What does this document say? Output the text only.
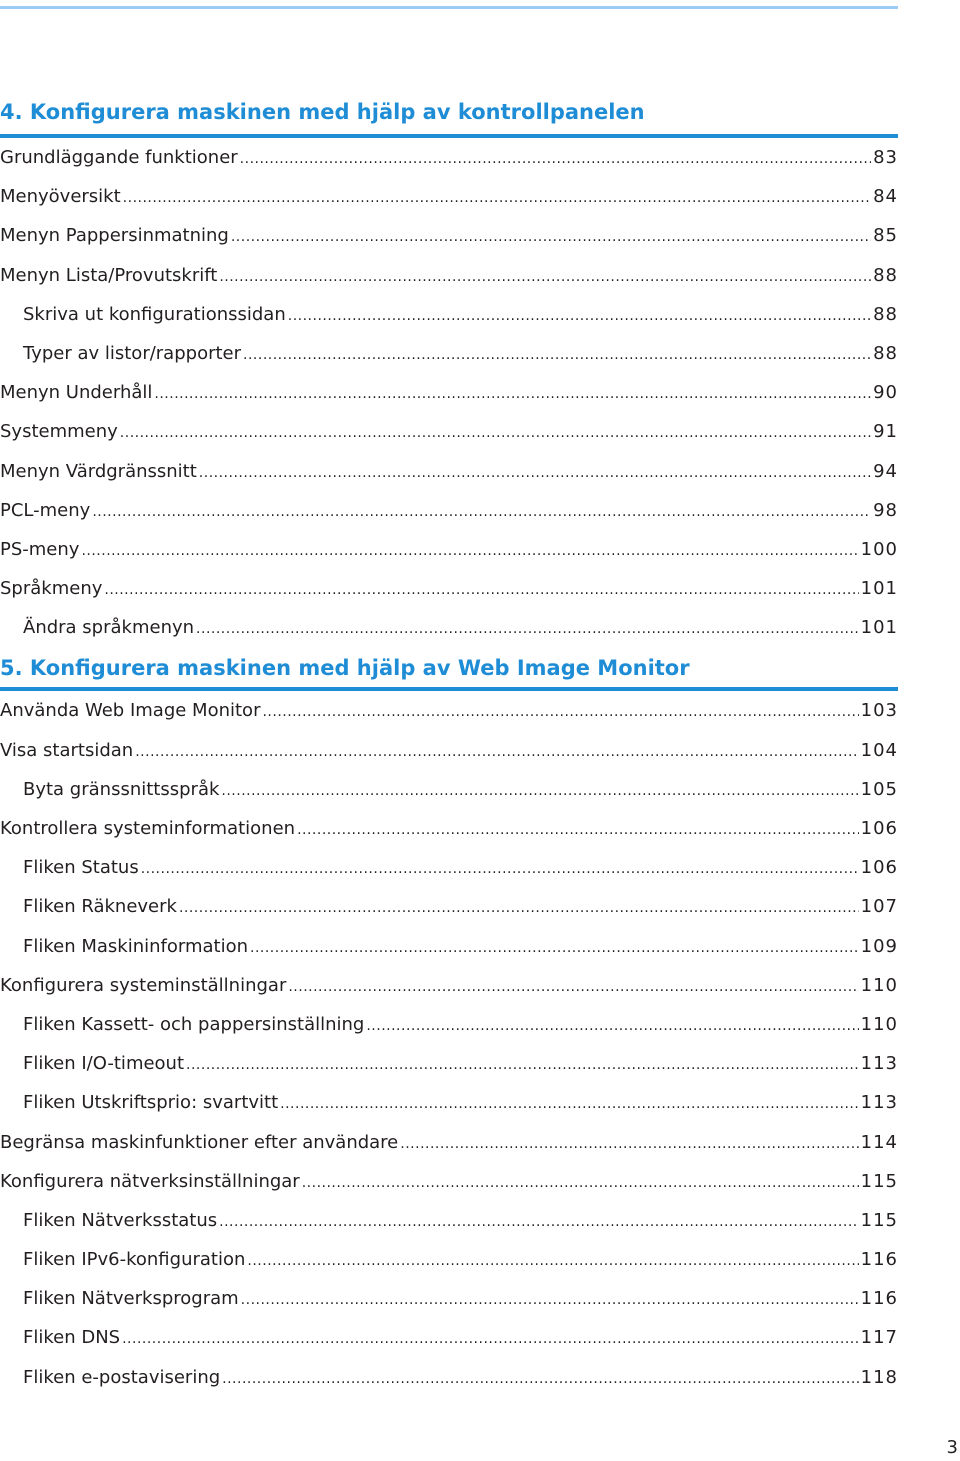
4. Konfigurera maskinen med hjälp av kontrollpanelen
Grundläggande funktioner .....	83
Menyöversikt .....	84
Menyn Pappersinmatning .....	85
Menyn Lista/Provutskrift .....	88
Skriva ut konfigurationssidan .....	88
Typer av listor/rapporter .....	88
Menyn Underhåll .....	90
Systemmeny .....	91
Menyn Värdgränssnitt .....	94
PCL-meny .....	98
PS-meny .....	100
Språkmeny .....	101
Ändra språkmenyn .....	101
5. Konfigurera maskinen med hjälp av Web Image Monitor
Använda Web Image Monitor .....	103
Visa startsidan .....	104
Byta gränssnittsspråk .....	105
Kontrollera systeminformationen .....	106
Fliken Status .....	106
Fliken Räkneverk .....	107
Fliken Maskininformation .....	109
Konfigurera systeminställningar .....	110
Fliken Kassett- och pappersinställning .....	110
Fliken I/O-timeout .....	113
Fliken Utskriftsprio: svartvitt .....	113
Begränsa maskinfunktioner efter användare .....	114
Konfigurera nätverksinställningar .....	115
Fliken Nätverksstatus .....	115
Fliken IPv6-konfiguration .....	116
Fliken Nätverksprogram .....	116
Fliken DNS .....	117
Fliken e-postavisering .....	118
3
